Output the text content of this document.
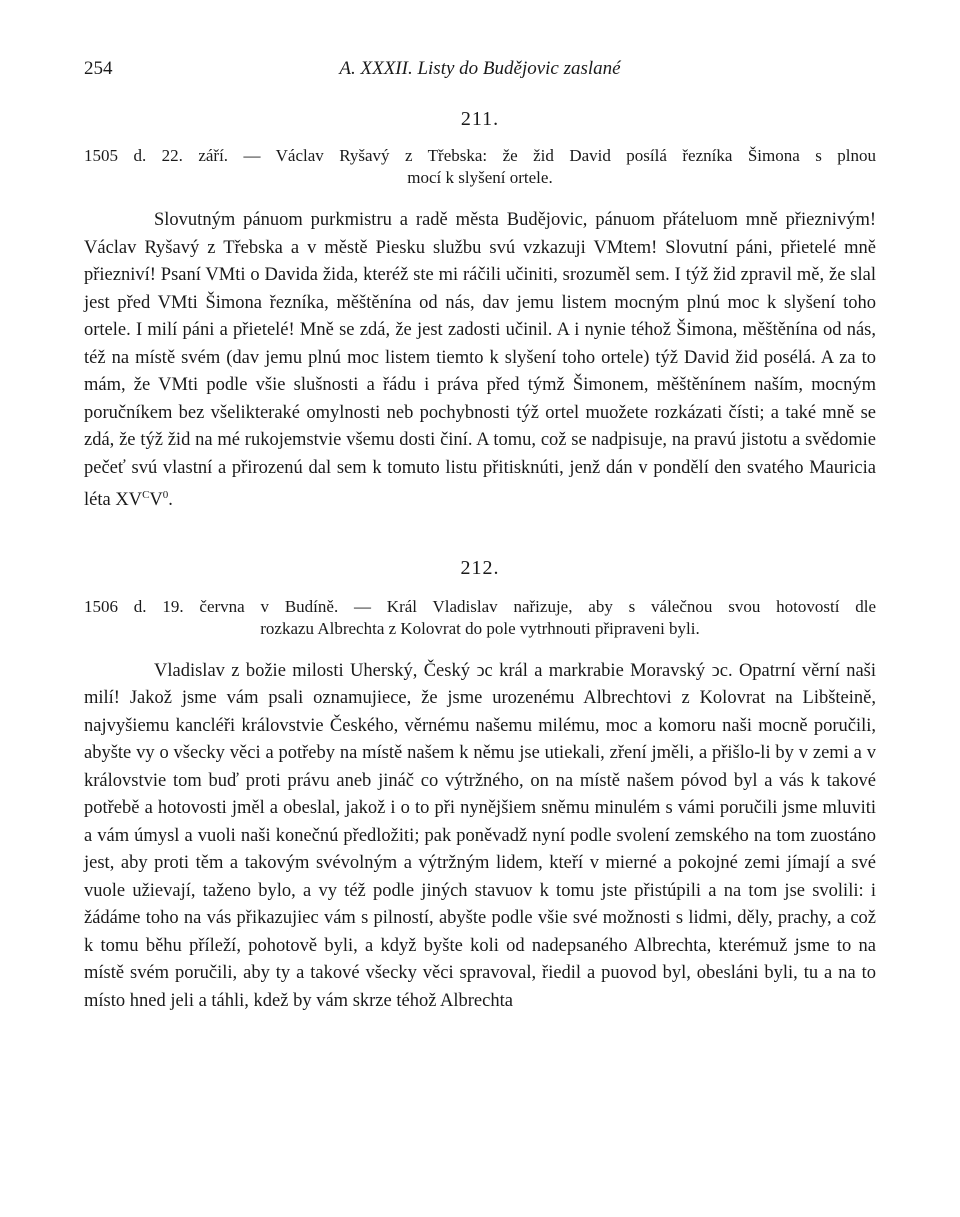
254	A. XXXII. Listy do Budějovic zaslané
211.
1505 d. 22. září. — Václav Ryšavý z Třebska: že žid David posílá řezníka Šimona s plnou
mocí k slyšení ortele.

Slovutným pánuom purkmistru a radě města Budějovic, pánuom přáteluom mně přieznivým! Václav Ryšavý z Třebska a v městě Piesku službu svú vzkazuji VMtem! Slovutní páni, přietelé mně přiezniví! Psaní VMti o Davida žida, kteréž ste mi ráčili učiniti, srozuměl sem. I týž žid zpravil mě, že slal jest před VMti Šimona řezníka, měštěnína od nás, dav jemu listem mocným plnú moc k slyšení toho ortele. I milí páni a přietelé! Mně se zdá, že jest zadosti učinil. A i nynie téhož Šimona, měštěnína od nás, též na místě svém (dav jemu plnú moc listem tiemto k slyšení toho ortele) týž David žid posélá. A za to mám, že VMti podle všie slušnosti a řádu i práva před týmž Šimonem, měštěnínem naším, mocným poručníkem bez všelikteraké omylnosti neb pochybnosti týž ortel muožete rozkázati čísti; a také mně se zdá, že týž žid na mé rukojemstvie všemu dosti činí. A tomu, což se nadpisuje, na pravú jistotu a svědomie pečeť svú vlastní a přirozenú dal sem k tomuto listu přitisknúti, jenž dán v pondělí den svatého Mauricia léta $XV^CV^0$.

212.
1506 d. 19. června v Budíně. — Král Vladislav nařizuje, aby s válečnou svou hotovostí dle
rozkazu Albrechta z Kolovrat do pole vytrhnouti připraveni byli.

Vladislav z božie milosti Uherský, Český ↄc král a markrabie Moravský ↄc. Opatrní věrní naši milí! Jakož jsme vám psali oznamujiece, že jsme urozenému Albrechtovi z Kolovrat na Libšteině, najvyšiemu kancléři královstvie Českého, věrnému našemu milému, moc a komoru naši mocně poručili, abyšte vy o všecky věci a potřeby na místě našem k němu jse utiekali, zření jměli, a přišlo-li by v zemi a v královstvie tom buď proti právu aneb jináč co výtržného, on na místě našem póvod byl a vás k takové potřebě a hotovosti jměl a obeslal, jakož i o to při nynějšiem sněmu minulém s vámi poručili jsme mluviti a vám úmysl a vuoli naši konečnú předložiti; pak poněvadž nyní podle svolení zemského na tom zuostáno jest, aby proti těm a takovým svévolným a výtržným lidem, kteří v mierné a pokojné zemi jímají a své vuole užievají, taženo bylo, a vy též podle jiných stavuov k tomu jste přistúpili a na tom jse svolili: i žádáme toho na vás přikazujiec vám s pilností, abyšte podle všie své možnosti s lidmi, děly, prachy, a což k tomu běhu příleží, pohotově byli, a když byšte koli od nadepsaného Albrechta, kterémuž jsme to na místě svém poručili, aby ty a takové všecky věci spravoval, řiedil a puovod byl, obesláni byli, tu a na to místo hned jeli a táhli, kdež by vám skrze téhož Albrechta
